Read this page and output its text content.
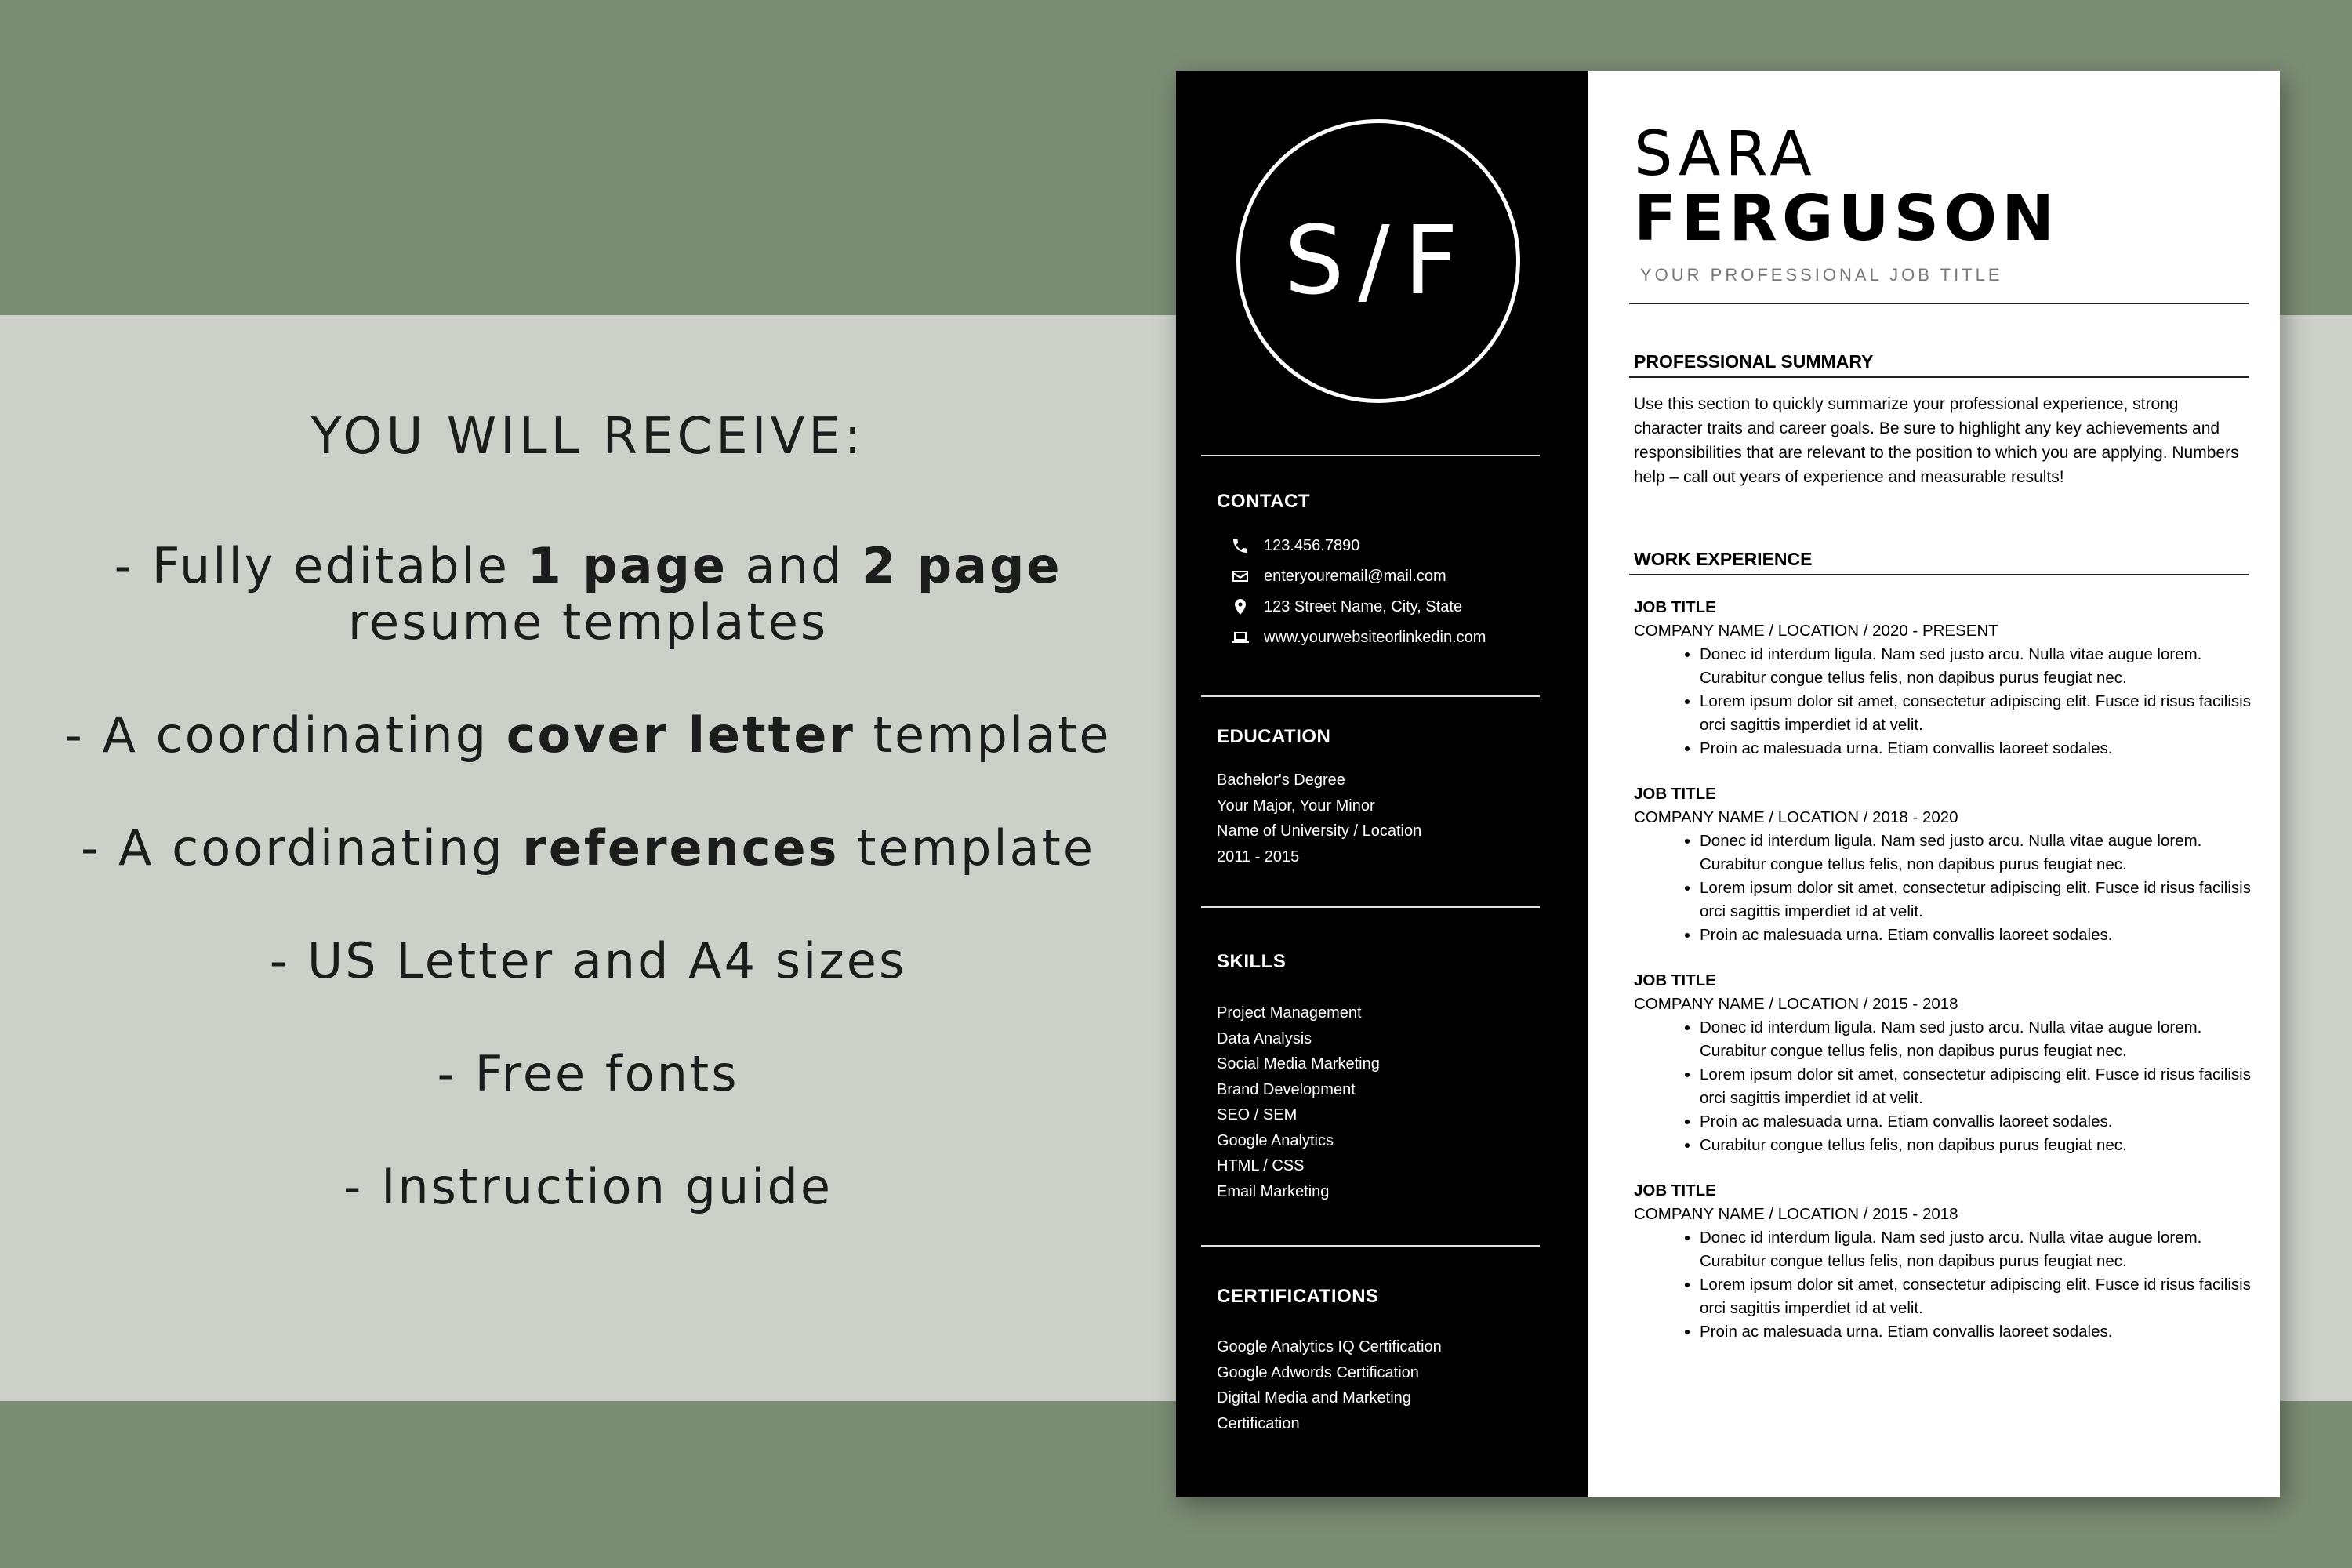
YOU WILL RECEIVE:
- Fully editable 1 page and 2 page
resume templates
- A coordinating cover letter template
- A coordinating references template
- US Letter and A4 sizes
- Free fonts
- Instruction guide
S/F
CONTACT
123.456.7890
enteryouremail@mail.com
123 Street Name, City, State
www.yourwebsiteorlinkedin.com
EDUCATION
Bachelor's Degree
Your Major, Your Minor
Name of University / Location
2011 - 2015
SKILLS
Project Management
Data Analysis
Social Media Marketing
Brand Development
SEO / SEM
Google Analytics
HTML / CSS
Email Marketing
CERTIFICATIONS
Google Analytics IQ Certification
Google Adwords Certification
Digital Media and Marketing
Certification
SARA
FERGUSON
YOUR PROFESSIONAL JOB TITLE
PROFESSIONAL SUMMARY
Use this section to quickly summarize your professional experience, strong character traits and career goals. Be sure to highlight any key achievements and responsibilities that are relevant to the position to which you are applying. Numbers help – call out years of experience and measurable results!
WORK EXPERIENCE
JOB TITLE
COMPANY NAME / LOCATION / 2020 - PRESENT
• Donec id interdum ligula. Nam sed justo arcu. Nulla vitae augue lorem. Curabitur congue tellus felis, non dapibus purus feugiat nec.
• Lorem ipsum dolor sit amet, consectetur adipiscing elit. Fusce id risus facilisis orci sagittis imperdiet id at velit.
• Proin ac malesuada urna. Etiam convallis laoreet sodales.
JOB TITLE
COMPANY NAME / LOCATION / 2018 - 2020
• Donec id interdum ligula. Nam sed justo arcu. Nulla vitae augue lorem. Curabitur congue tellus felis, non dapibus purus feugiat nec.
• Lorem ipsum dolor sit amet, consectetur adipiscing elit. Fusce id risus facilisis orci sagittis imperdiet id at velit.
• Proin ac malesuada urna. Etiam convallis laoreet sodales.
JOB TITLE
COMPANY NAME / LOCATION / 2015 - 2018
• Donec id interdum ligula. Nam sed justo arcu. Nulla vitae augue lorem. Curabitur congue tellus felis, non dapibus purus feugiat nec.
• Lorem ipsum dolor sit amet, consectetur adipiscing elit. Fusce id risus facilisis orci sagittis imperdiet id at velit.
• Proin ac malesuada urna. Etiam convallis laoreet sodales.
• Curabitur congue tellus felis, non dapibus purus feugiat nec.
JOB TITLE
COMPANY NAME / LOCATION / 2015 - 2018
• Donec id interdum ligula. Nam sed justo arcu. Nulla vitae augue lorem. Curabitur congue tellus felis, non dapibus purus feugiat nec.
• Lorem ipsum dolor sit amet, consectetur adipiscing elit. Fusce id risus facilisis orci sagittis imperdiet id at velit.
• Proin ac malesuada urna. Etiam convallis laoreet sodales.
